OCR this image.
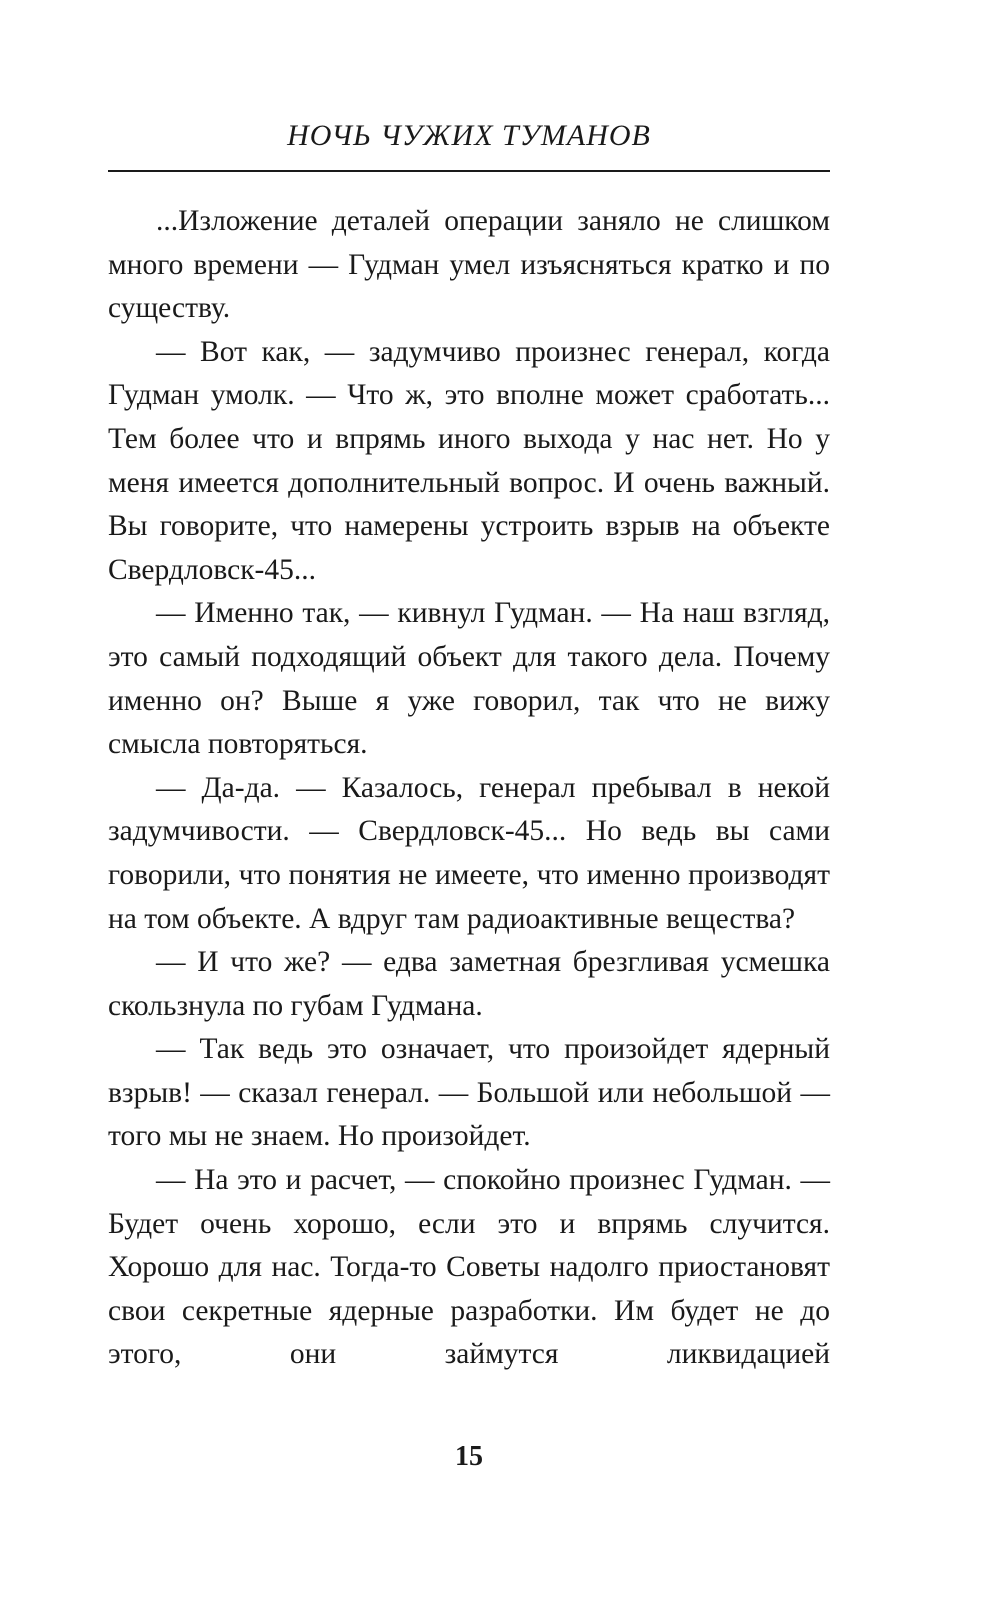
НОЧЬ ЧУЖИХ ТУМАНОВ

...Изложение деталей операции заняло не слишком много времени — Гудман умел изъясняться кратко и по существу.

— Вот как, — задумчиво произнес генерал, когда Гудман умолк. — Что ж, это вполне может сработать... Тем более что и впрямь иного выхода у нас нет. Но у меня имеется дополнительный вопрос. И очень важный. Вы говорите, что намерены устроить взрыв на объекте Свердловск-45...

— Именно так, — кивнул Гудман. — На наш взгляд, это самый подходящий объект для такого дела. Почему именно он? Выше я уже говорил, так что не вижу смысла повторяться.

— Да-да. — Казалось, генерал пребывал в некой задумчивости. — Свердловск-45... Но ведь вы сами говорили, что понятия не имеете, что именно производят на том объекте. А вдруг там радиоактивные вещества?

— И что же? — едва заметная брезгливая усмешка скользнула по губам Гудмана.

— Так ведь это означает, что произойдет ядерный взрыв! — сказал генерал. — Большой или небольшой — того мы не знаем. Но произойдет.

— На это и расчет, — спокойно произнес Гудман. — Будет очень хорошо, если это и впрямь случится. Хорошо для нас. Тогда-то Советы надолго приостановят свои секретные ядерные разработки. Им будет не до этого, они займутся ликвидацией

15
